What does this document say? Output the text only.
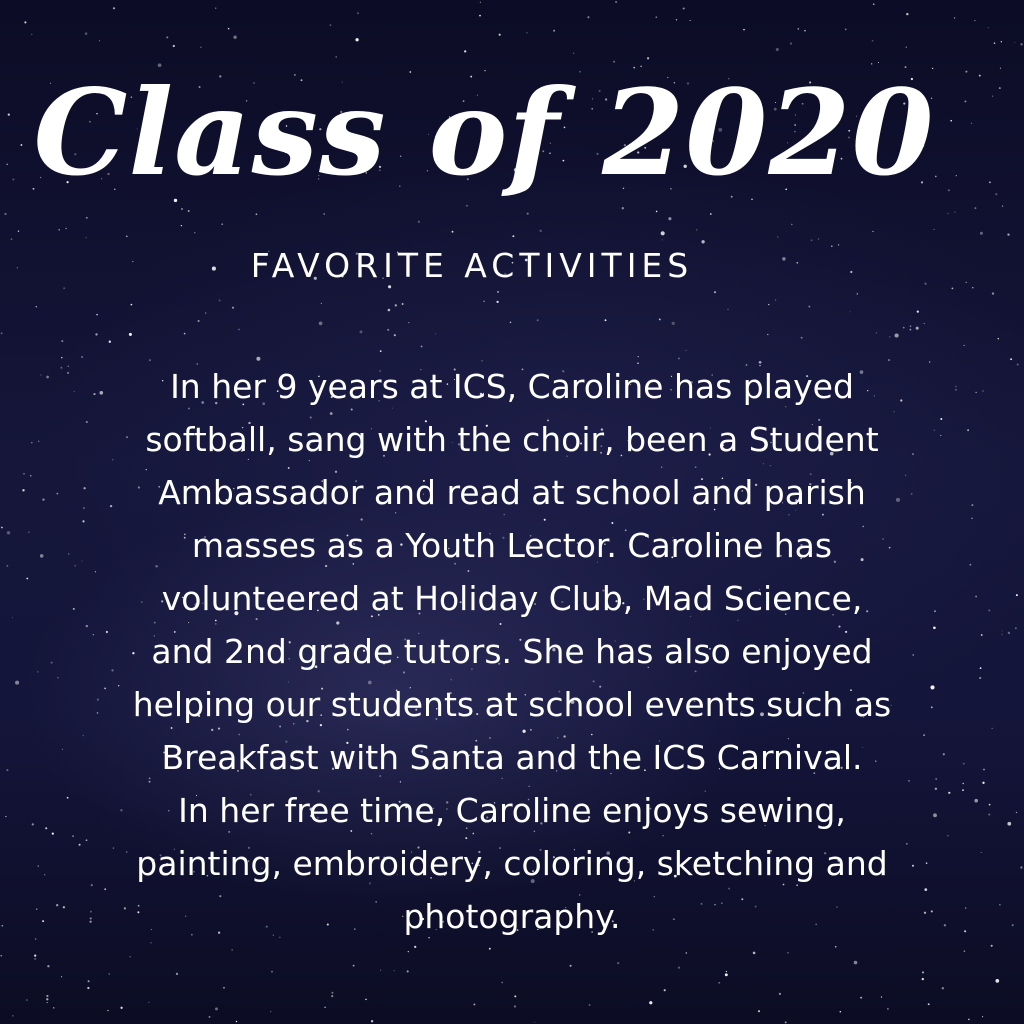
Class of 2020
FAVORITE ACTIVITIES
In her 9 years at ICS, Caroline has played
softball, sang with the choir, been a Student
Ambassador and read at school and parish
masses as a Youth Lector. Caroline has
volunteered at Holiday Club, Mad Science,
and 2nd grade tutors. She has also enjoyed
helping our students at school events such as
Breakfast with Santa and the ICS Carnival.
In her free time, Caroline enjoys sewing,
painting, embroidery, coloring, sketching and
photography.
